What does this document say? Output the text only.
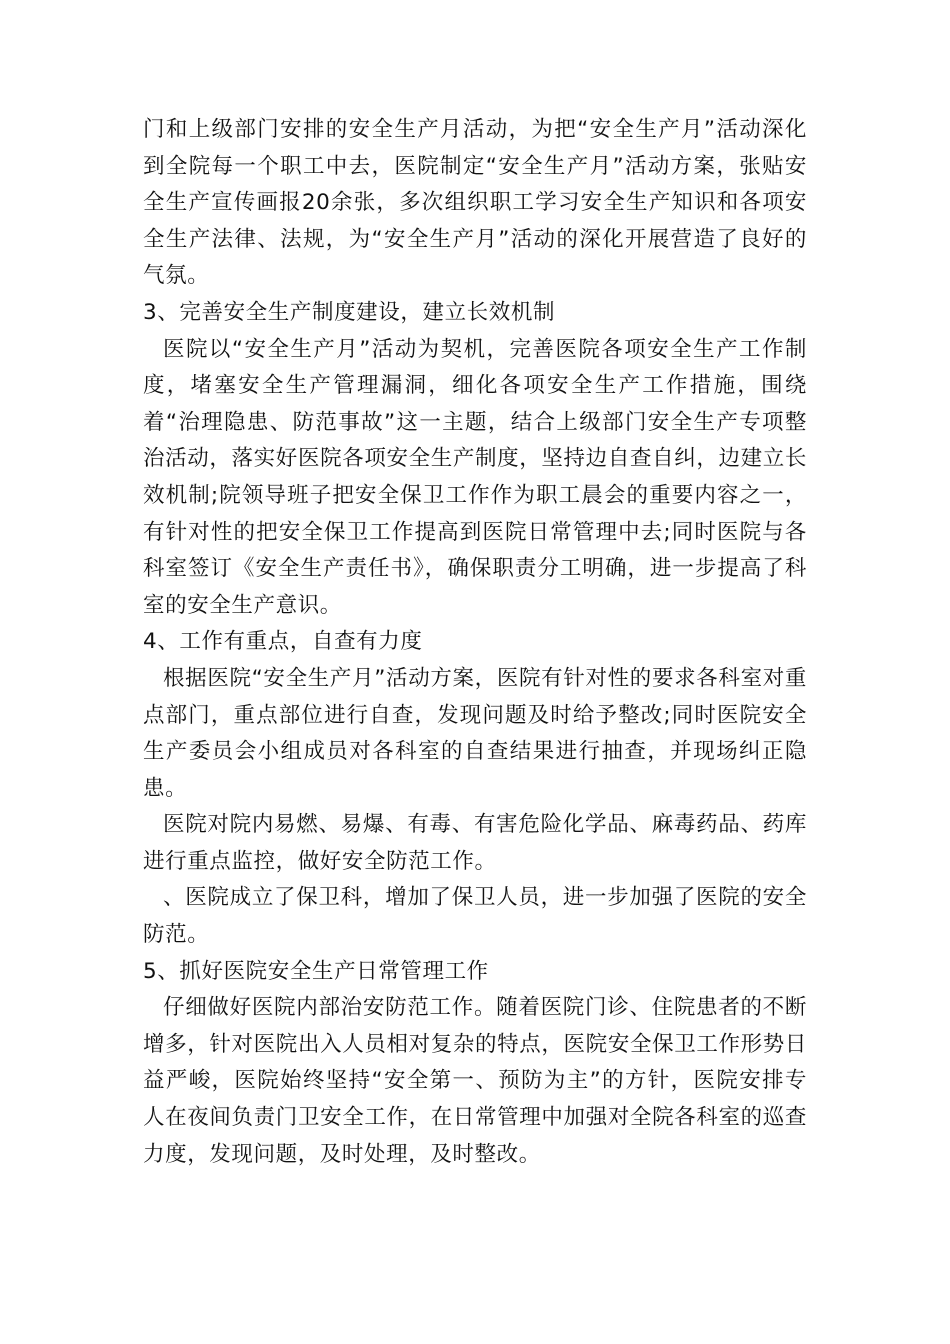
门和上级部门安排的安全生产月活动，为把“安全生产月”活动深化到全院每一个职工中去，医院制定“安全生产月”活动方案，张贴安全生产宣传画报20余张，多次组织职工学习安全生产知识和各项安全生产法律、法规，为“安全生产月”活动的深化开展营造了良好的气氛。

3、完善安全生产制度建设，建立长效机制

医院以“安全生产月”活动为契机，完善医院各项安全生产工作制度，堵塞安全生产管理漏洞，细化各项安全生产工作措施，围绕着“治理隐患、防范事故”这一主题，结合上级部门安全生产专项整治活动，落实好医院各项安全生产制度，坚持边自查自纠，边建立长效机制;院领导班子把安全保卫工作作为职工晨会的重要内容之一，有针对性的把安全保卫工作提高到医院日常管理中去;同时医院与各科室签订《安全生产责任书》，确保职责分工明确，进一步提高了科室的安全生产意识。

4、工作有重点，自查有力度

根据医院“安全生产月”活动方案，医院有针对性的要求各科室对重点部门，重点部位进行自查，发现问题及时给予整改;同时医院安全生产委员会小组成员对各科室的自查结果进行抽查，并现场纠正隐患。

医院对院内易燃、易爆、有毒、有害危险化学品、麻毒药品、药库进行重点监控，做好安全防范工作。

、医院成立了保卫科，增加了保卫人员，进一步加强了医院的安全防范。

5、抓好医院安全生产日常管理工作

仔细做好医院内部治安防范工作。随着医院门诊、住院患者的不断增多，针对医院出入人员相对复杂的特点，医院安全保卫工作形势日益严峻，医院始终坚持“安全第一、预防为主”的方针，医院安排专人在夜间负责门卫安全工作，在日常管理中加强对全院各科室的巡查力度，发现问题，及时处理，及时整改。
